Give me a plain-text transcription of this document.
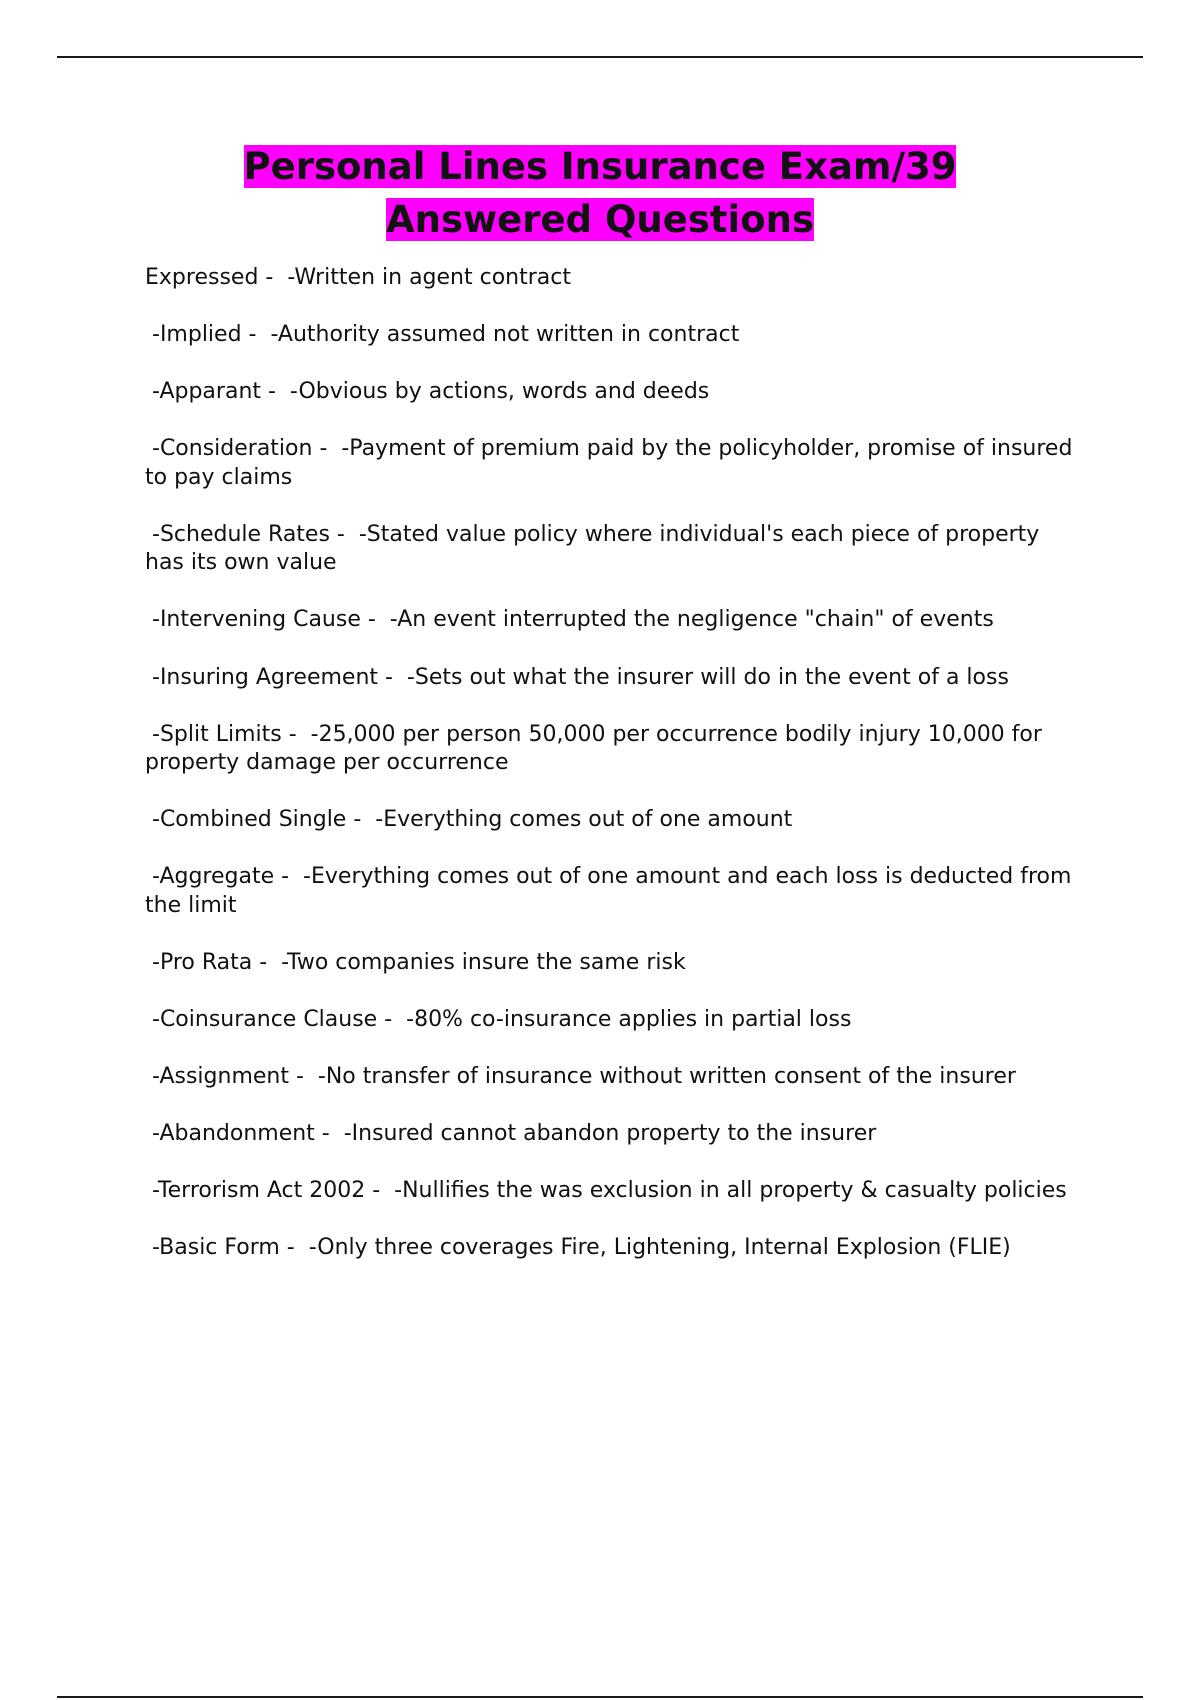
Personal Lines Insurance Exam/39

Answered Questions

Expressed -  -Written in agent contract

-Implied -  -Authority assumed not written in contract

-Apparant -  -Obvious by actions, words and deeds

-Consideration -  -Payment of premium paid by the policyholder, promise of insured to pay claims

-Schedule Rates -  -Stated value policy where individual's each piece of property has its own value

-Intervening Cause -  -An event interrupted the negligence "chain" of events

-Insuring Agreement -  -Sets out what the insurer will do in the event of a loss

-Split Limits -  -25,000 per person 50,000 per occurrence bodily injury 10,000 for property damage per occurrence

-Combined Single -  -Everything comes out of one amount

-Aggregate -  -Everything comes out of one amount and each loss is deducted from the limit

-Pro Rata -  -Two companies insure the same risk

-Coinsurance Clause -  -80% co-insurance applies in partial loss

-Assignment -  -No transfer of insurance without written consent of the insurer

-Abandonment -  -Insured cannot abandon property to the insurer

-Terrorism Act 2002 -  -Nullifies the was exclusion in all property & casualty policies

-Basic Form -  -Only three coverages Fire, Lightening, Internal Explosion (FLIE)
